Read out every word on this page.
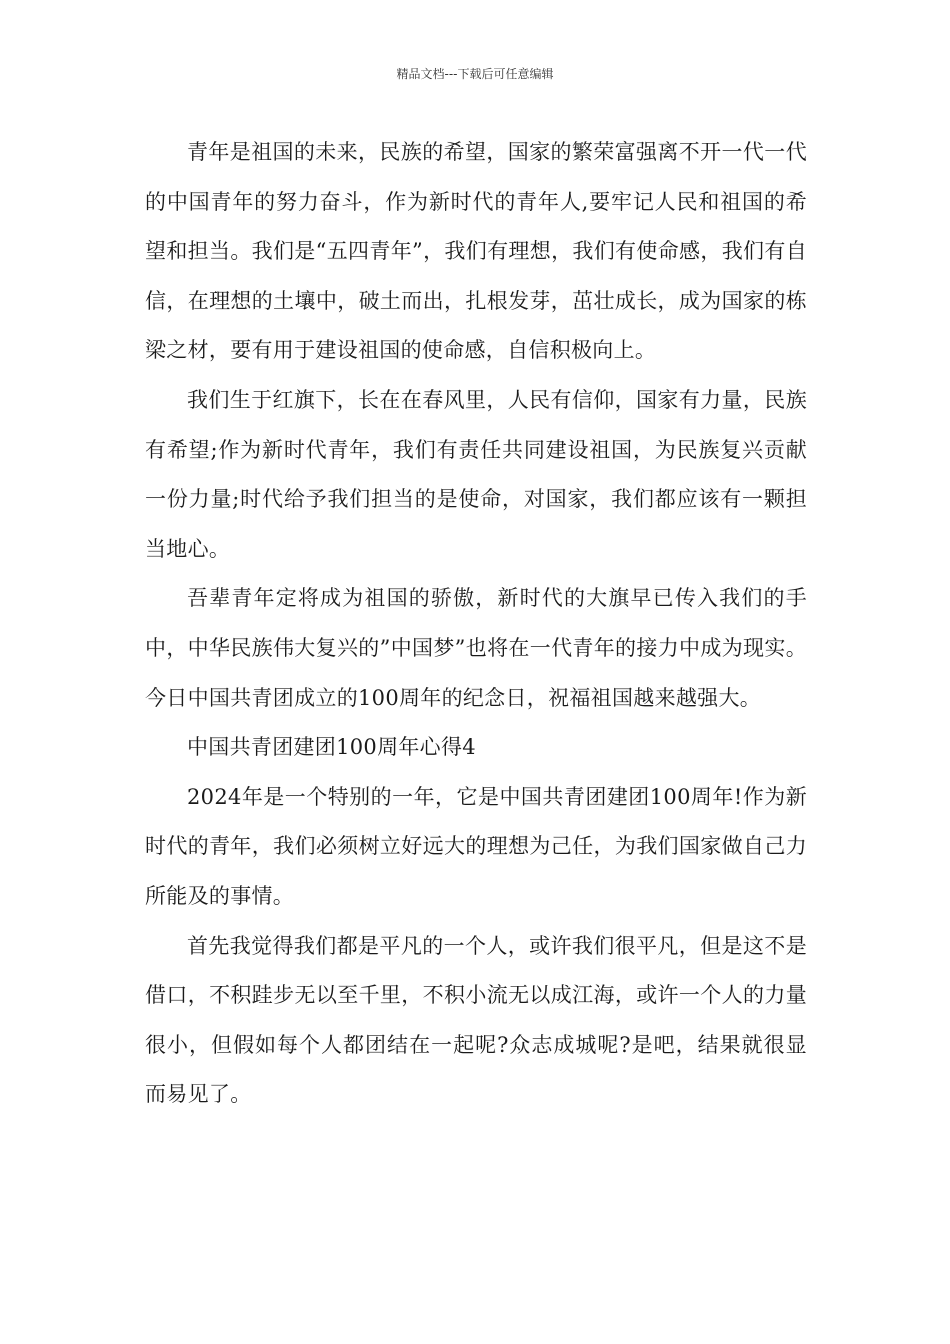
精品文档---下载后可任意编辑

青年是祖国的未来，民族的希望，国家的繁荣富强离不开一代一代的中国青年的努力奋斗，作为新时代的青年人,要牢记人民和祖国的希望和担当。我们是“五四青年”，我们有理想，我们有使命感，我们有自信，在理想的土壤中，破土而出，扎根发芽，茁壮成长，成为国家的栋梁之材，要有用于建设祖国的使命感，自信积极向上。

我们生于红旗下，长在在春风里，人民有信仰，国家有力量，民族有希望;作为新时代青年，我们有责任共同建设祖国，为民族复兴贡献一份力量;时代给予我们担当的是使命，对国家，我们都应该有一颗担当地心。

吾辈青年定将成为祖国的骄傲，新时代的大旗早已传入我们的手中，中华民族伟大复兴的”中国梦”也将在一代青年的接力中成为现实。今日中国共青团成立的100周年的纪念日，祝福祖国越来越强大。

中国共青团建团100周年心得4

2024年是一个特别的一年，它是中国共青团建团100周年!作为新时代的青年，我们必须树立好远大的理想为己任，为我们国家做自己力所能及的事情。

首先我觉得我们都是平凡的一个人，或许我们很平凡，但是这不是借口，不积跬步无以至千里，不积小流无以成江海，或许一个人的力量很小，但假如每个人都团结在一起呢?众志成城呢?是吧，结果就很显而易见了。
